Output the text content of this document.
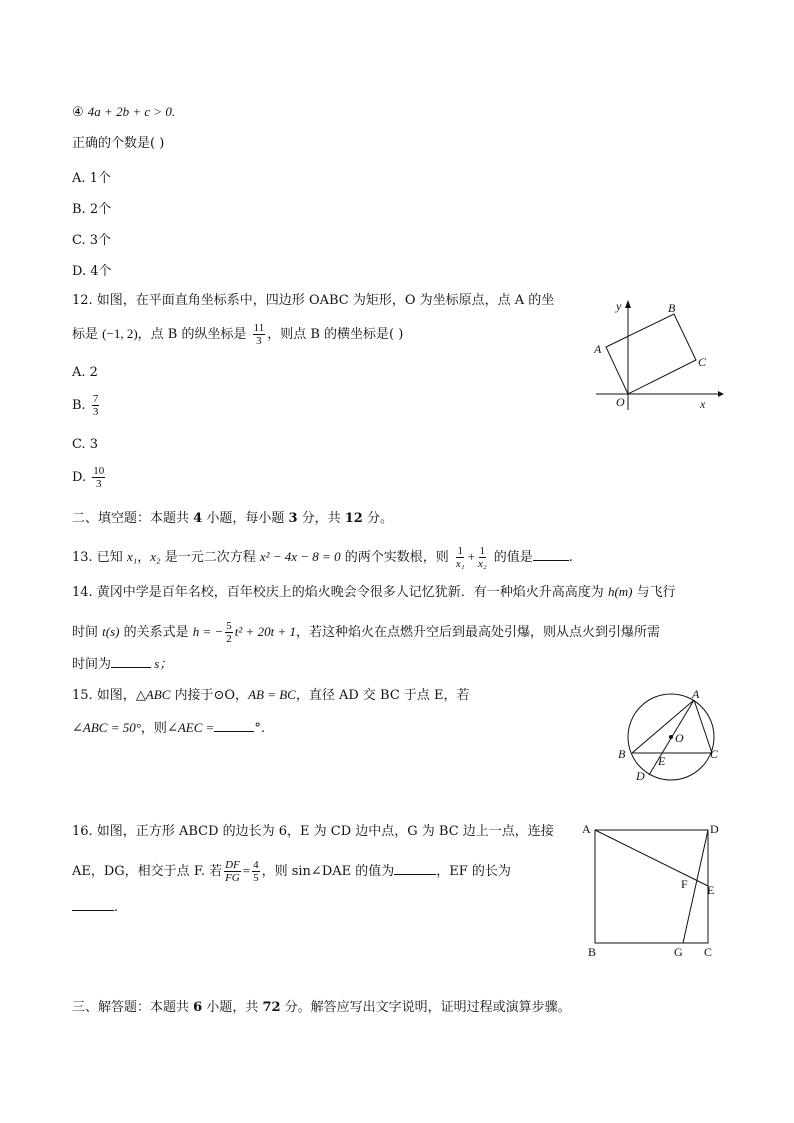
④ 4a + 2b + c > 0.
正确的个数是( )
A. 1个
B. 2个
C. 3个
D. 4个
12. 如图，在平面直角坐标系中，四边形 OABC 为矩形，O 为坐标原点，点 A 的坐
标是 (−1, 2)，点 B 的纵坐标是 $\frac{11}{3}$ ，则点 B 的横坐标是( )
A. 2
B. $\frac{7}{3}$
C. 3
D. $\frac{10}{3}$
y
x
O
A
B
C
二、填空题：本题共 4 小题，每小题 3 分，共 12 分。
13. 已知 x₁，x₂ 是一元二次方程 x² − 4x − 8 = 0 的两个实数根，则 $\frac{1}{\text{x₁}} + \frac{1}{\text{x₂}}$ 的值是	.
14. 黄冈中学是百年名校，百年校庆上的焰火晚会令很多人记忆犹新．有一种焰火升高高度为 h(m) 与飞行
时间 t(s) 的关系式是 h = − $\frac{5}{2} t^2 + 20t + 1$，若这种焰火在点燃升空后到最高处引爆，则从点火到引爆所需
时间为	s；
15. 如图，△ABC 内接于⊙O，AB = BC，直径 AD 交 BC 于点 E，若
∠ABC = 50°，则∠AEC =	°.
A
B	C
D
E
O
16. 如图，正方形 ABCD 的边长为 6，E 为 CD 边中点，G 为 BC 边上一点，连接
AE，DG，相交于点 F. 若 $\frac{DF}{FG} = \frac{4}{5}$ ，则 sin∠DAE 的值为	，EF 的长为
.
A	D
E
F
B	G C
三、解答题：本题共 6 小题，共 72 分。解答应写出文字说明，证明过程或演算步骤。
